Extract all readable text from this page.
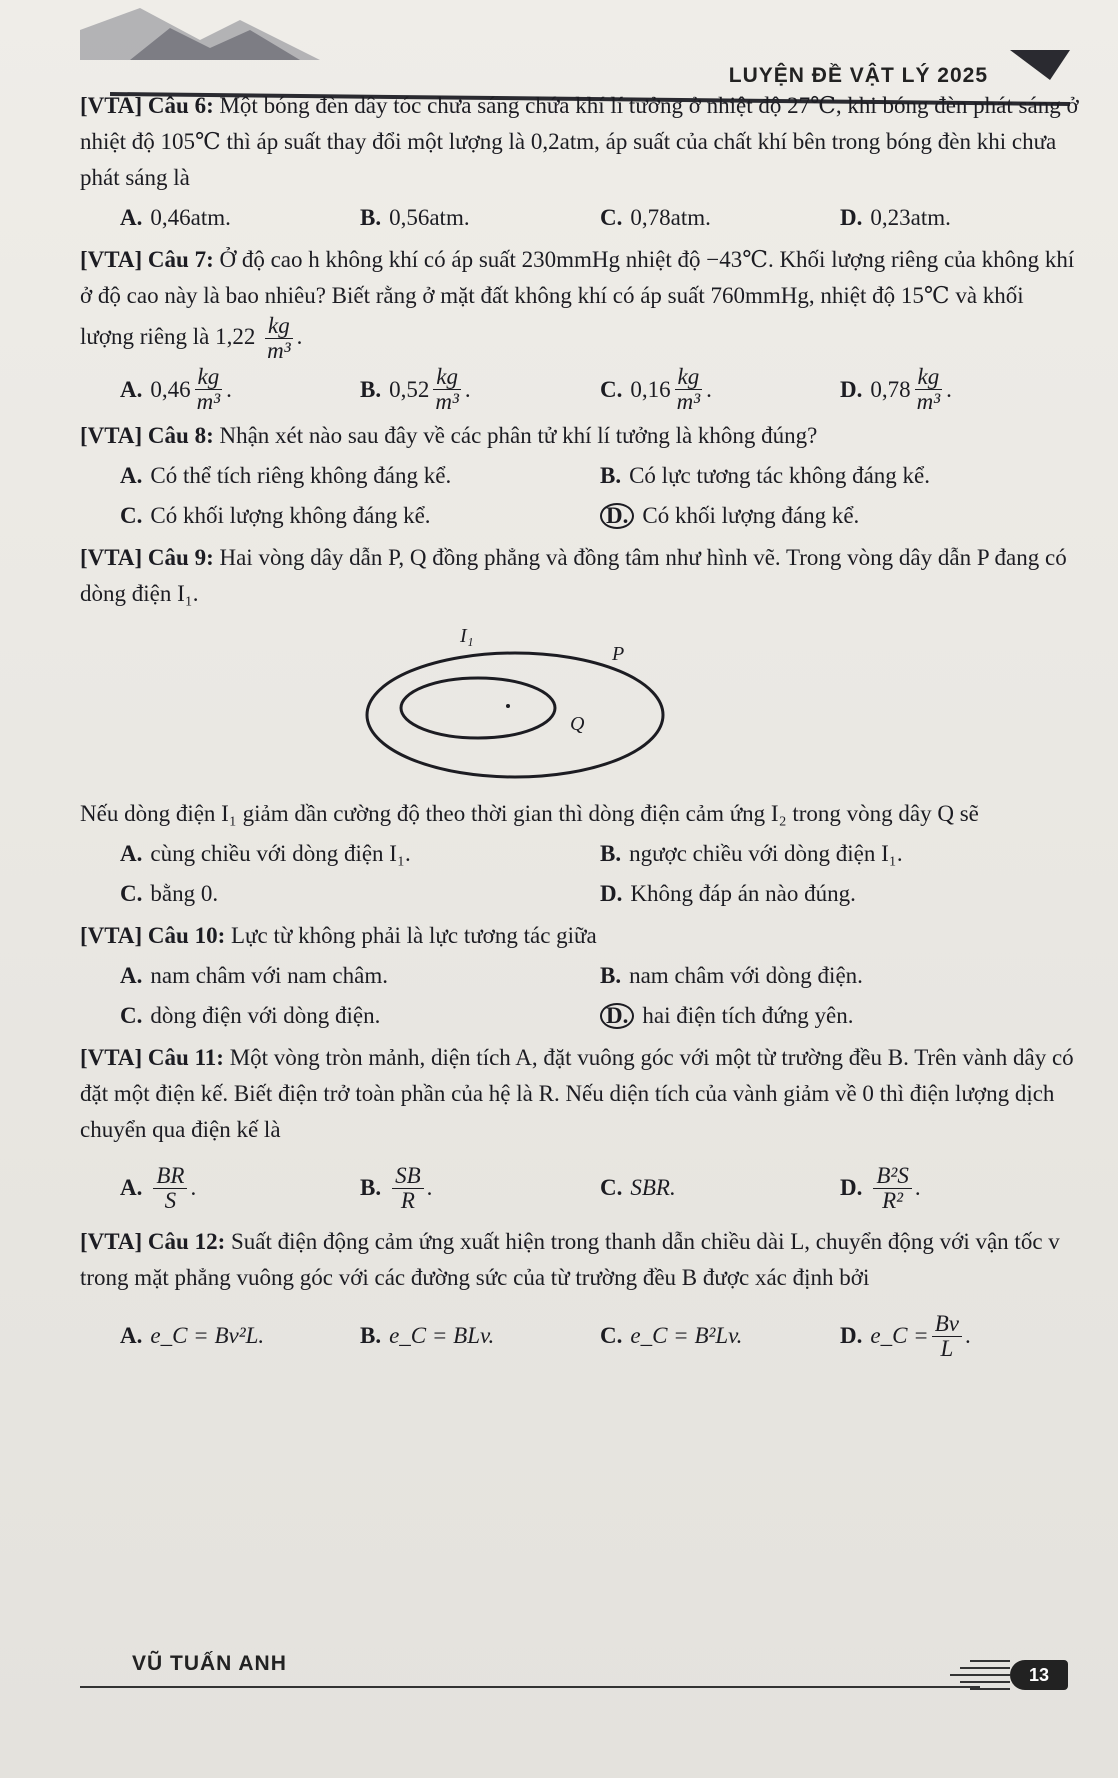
LUYỆN ĐỀ VẬT LÝ 2025
[VTA] Câu 6: Một bóng đèn dây tóc chưa sáng chứa khí lí tưởng ở nhiệt độ 27℃, khi bóng đèn phát sáng ở nhiệt độ 105℃ thì áp suất thay đổi một lượng là 0,2atm, áp suất của chất khí bên trong bóng đèn khi chưa phát sáng là
A. 0,46atm.	B. 0,56atm.	C. 0,78atm.	D. 0,23atm.
[VTA] Câu 7: Ở độ cao h không khí có áp suất 230mmHg nhiệt độ −43℃. Khối lượng riêng của không khí ở độ cao này là bao nhiêu? Biết rằng ở mặt đất không khí có áp suất 760mmHg, nhiệt độ 15℃ và khối lượng riêng là $1,22 \frac{kg}{\text{m³}}$ .
A. $0,46 \frac{kg}{\text{m³}}$ .	B. $0,52 \frac{kg}{\text{m³}}$ .	C. $0,16 \frac{kg}{\text{m³}}$ .	D. $0,78 \frac{kg}{\text{m³}}$ .
[VTA] Câu 8: Nhận xét nào sau đây về các phân tử khí lí tưởng là không đúng?
A. Có thể tích riêng không đáng kể.	B. Có lực tương tác không đáng kể.
C. Có khối lượng không đáng kể.	D. Có khối lượng đáng kể.
[VTA] Câu 9: Hai vòng dây dẫn P, Q đồng phẳng và đồng tâm như hình vẽ. Trong vòng dây dẫn P đang có dòng điện I₁.
I₁
P
Q
Nếu dòng điện I₁ giảm dần cường độ theo thời gian thì dòng điện cảm ứng I₂ trong vòng dây Q sẽ
A. cùng chiều với dòng điện I₁.	B. ngược chiều với dòng điện I₁.
C. bằng 0.	D. Không đáp án nào đúng.
[VTA] Câu 10: Lực từ không phải là lực tương tác giữa
A. nam châm với nam châm.	B. nam châm với dòng điện.
C. dòng điện với dòng điện.	D. hai điện tích đứng yên.
[VTA] Câu 11: Một vòng tròn mảnh, diện tích A, đặt vuông góc với một từ trường đều B. Trên vành dây có đặt một điện kế. Biết điện trở toàn phần của hệ là R. Nếu diện tích của vành giảm về 0 thì điện lượng dịch chuyển qua điện kế là
A. $\frac{BR}{S}$ .	B. $\frac{SB}{R}$ .	C. SBR.	D. $\frac{\text{B²S}}{\text{R²}}$ .
[VTA] Câu 12: Suất điện động cảm ứng xuất hiện trong thanh dẫn chiều dài L, chuyển động với vận tốc v trong mặt phẳng vuông góc với các đường sức của từ trường đều B được xác định bởi
A. e_C = Bv²L.	B. e_C = BLv.	C. e_C = B²Lv.	D. e_C = $\frac{Bv}{L}$ .
VŨ TUẤN ANH	13
